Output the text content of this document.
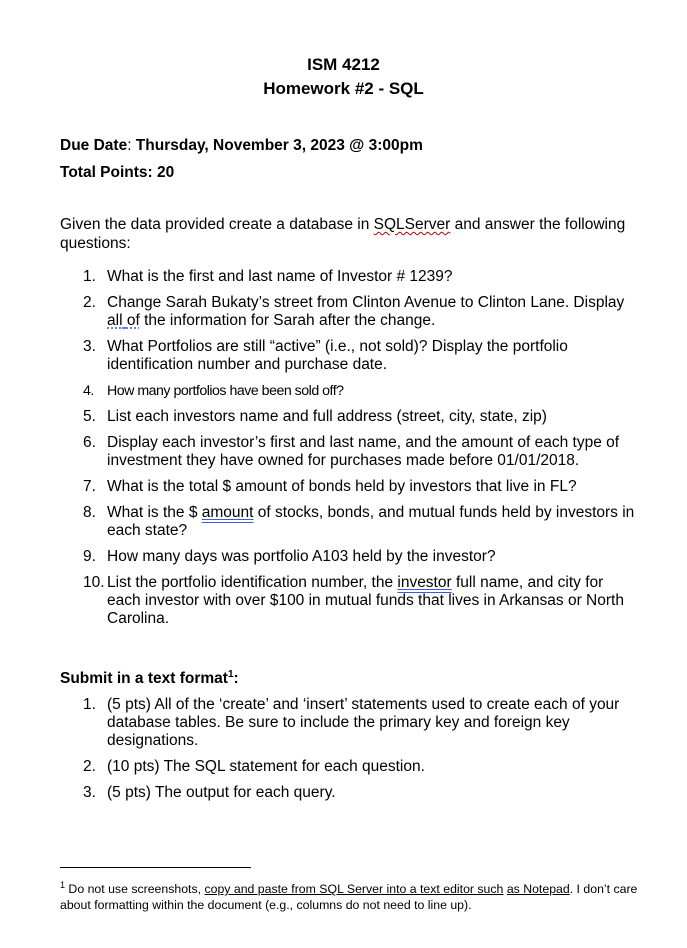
ISM 4212
Homework #2 - SQL
Due Date: Thursday, November 3, 2023 @ 3:00pm
Total Points: 20
Given the data provided create a database in SQLServer and answer the following questions:
1. What is the first and last name of Investor # 1239?
2. Change Sarah Bukaty’s street from Clinton Avenue to Clinton Lane. Display all of the information for Sarah after the change.
3. What Portfolios are still “active” (i.e., not sold)? Display the portfolio identification number and purchase date.
4. How many portfolios have been sold off?
5. List each investors name and full address (street, city, state, zip)
6. Display each investor’s first and last name, and the amount of each type of investment they have owned for purchases made before 01/01/2018.
7. What is the total $ amount of bonds held by investors that live in FL?
8. What is the $ amount of stocks, bonds, and mutual funds held by investors in each state?
9. How many days was portfolio A103 held by the investor?
10. List the portfolio identification number, the investor full name, and city for each investor with over $100 in mutual funds that lives in Arkansas or North Carolina.
Submit in a text format$^1$:
1. (5 pts) All of the ‘create’ and ‘insert’ statements used to create each of your database tables. Be sure to include the primary key and foreign key designations.
2. (10 pts) The SQL statement for each question.
3. (5 pts) The output for each query.
$^1$ Do not use screenshots, copy and paste from SQL Server into a text editor such as Notepad. I don’t care about formatting within the document (e.g., columns do not need to line up).
